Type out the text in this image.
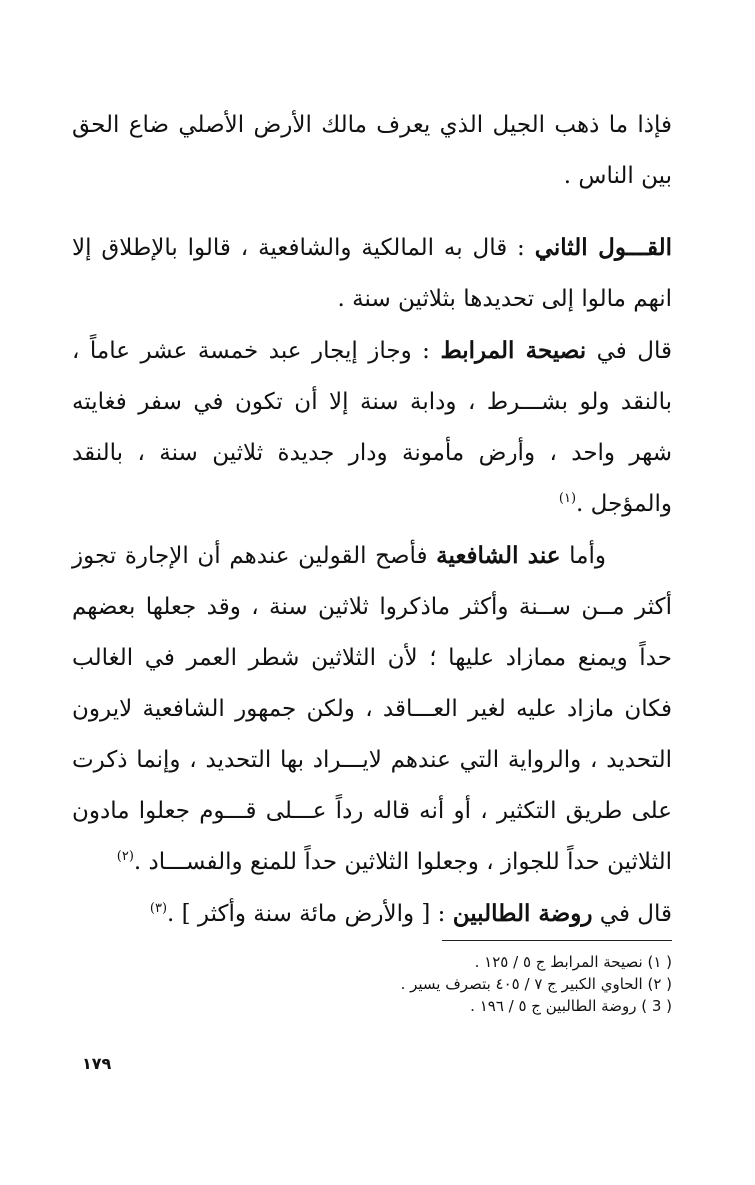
فإذا ما ذهب الجيل الذي يعرف مالك الأرض الأصلي ضاع الحق بين الناس .

القـــول الثاني : قال به المالكية والشافعية ، قالوا بالإطلاق إلا انهم مالوا إلى تحديدها بثلاثين سنة .

قال في نصيحة المرابط : وجاز إيجار عبد خمسة عشر عاماً ، بالنقد ولو بشـــرط ، ودابة سنة إلا أن تكون في سفر فغايته شهر واحد ، وأرض مأمونة ودار جديدة ثلاثين سنة ، بالنقد والمؤجل .$^{(١)}$

وأما عند الشافعية فأصح القولين عندهم أن الإجارة تجوز أكثر مــن ســنة وأكثر ماذكروا ثلاثين سنة ، وقد جعلها بعضهم حداً ويمنع ممازاد عليها ؛ لأن الثلاثين شطر العمر في الغالب فكان مازاد عليه لغير العـــاقد ، ولكن جمهور الشافعية لايرون التحديد ، والرواية التي عندهم لايـــراد بها التحديد ، وإنما ذكرت على طريق التكثير ، أو أنه قاله رداً عـــلى قـــوم جعلوا مادون الثلاثين حداً للجواز ، وجعلوا الثلاثين حداً للمنع والفســـاد .$^{(٢)}$

قال في روضة الطالبين : [ والأرض مائة سنة وأكثر ] .$^{(٣)}$

( ١) نصيحة المرابط ج ٥ / ١٢٥ .

( ٢) الحاوي الكبير ج ٧ / ٤٠٥ بتصرف يسير .

( 3 ) روضة الطالبين ج ٥ / ١٩٦ .

١٧٩
